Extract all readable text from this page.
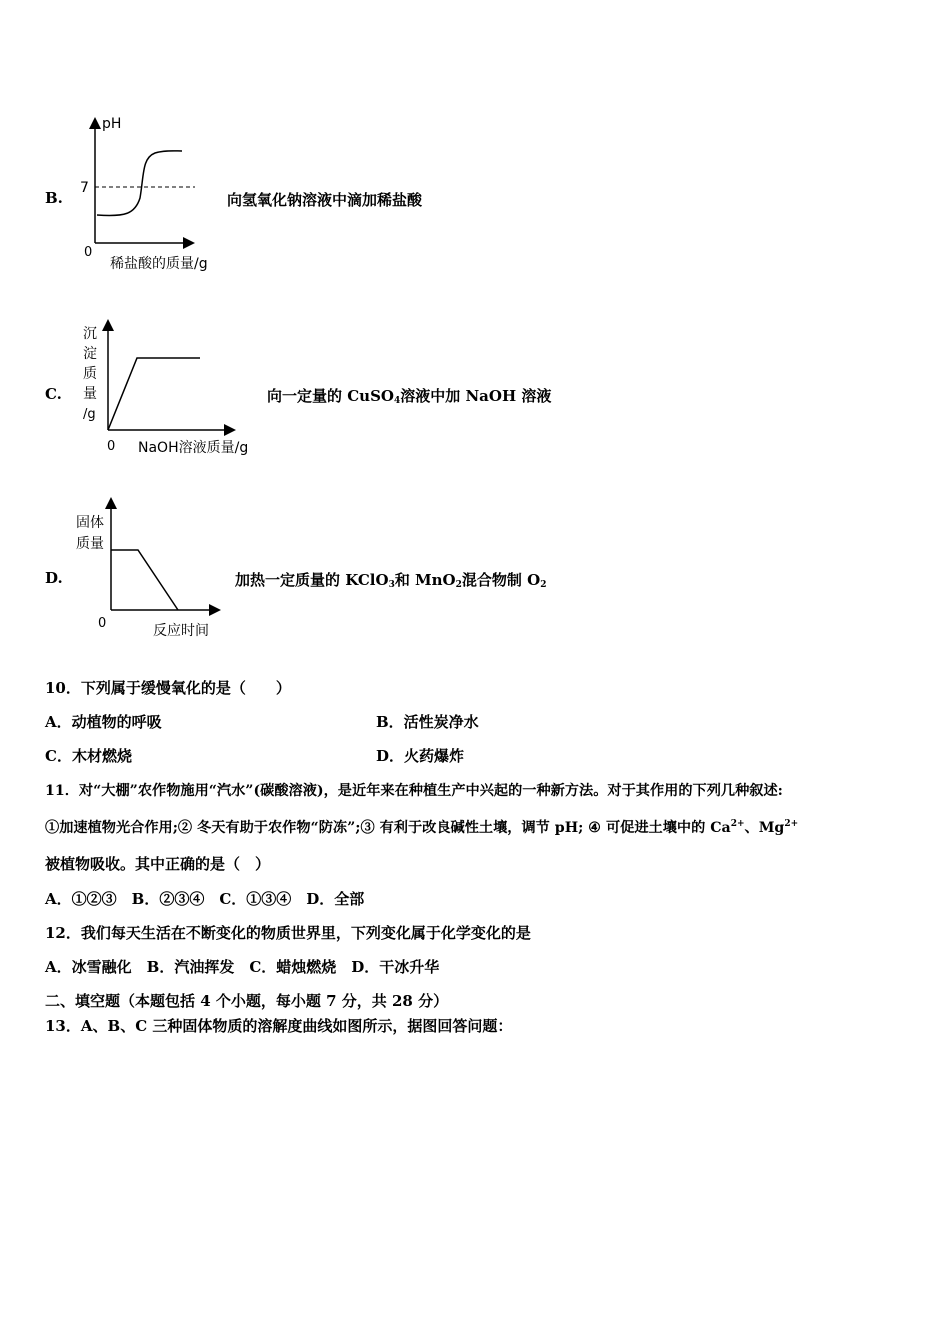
B.
pH
7
0
稀盐酸的质量/g
向氢氧化钠溶液中滴加稀盐酸
C.
沉
淀
质
量
/g
0 NaOH溶液质量/g
向一定量的 CuSO$_4$溶液中加 NaOH 溶液
D.
固体
质量
0	反应时间
加热一定质量的 KClO$_3$和 MnO$_2$混合物制 $O_2$
10．下列属于缓慢氧化的是（　　）
A．动植物的呼吸	B．活性炭净水
C．木材燃烧	D．火药爆炸
11．对“大棚”农作物施用“汽水”(碳酸溶液)，是近年来在种植生产中兴起的一种新方法。对于其作用的下列几种叙述:
①加速植物光合作用;② 冬天有助于农作物“防冻”;③ 有利于改良碱性土壤，调节 pH; ④ 可促进土壤中的 $Ca^{2+}$、$Mg^{2+}$
被植物吸收。其中正确的是（　）
A．①②③　B．②③④　C．①③④　D．全部
12．我们每天生活在不断变化的物质世界里，下列变化属于化学变化的是
A．冰雪融化　B．汽油挥发　C．蜡烛燃烧　D．干冰升华
二、填空题（本题包括 4 个小题，每小题 7 分，共 28 分）
13．A、B、C 三种固体物质的溶解度曲线如图所示，据图回答问题：
